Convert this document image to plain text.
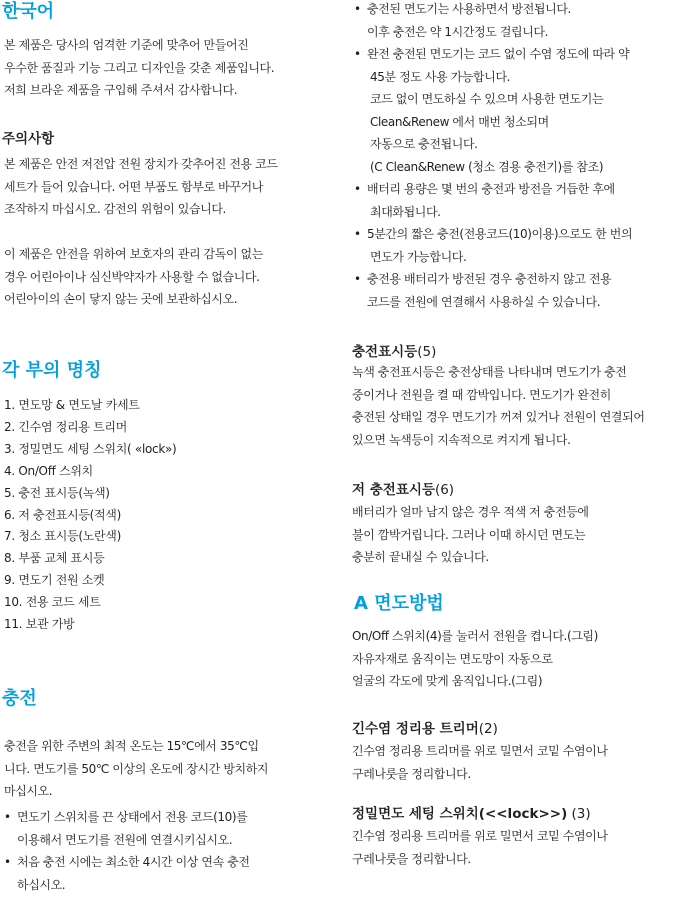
한국어
본 제품은 당사의 엄격한 기준에 맞추어 만들어진
우수한 품질과 기능 그리고 디자인을 갖춘 제품입니다.
저희 브라운 제품을 구입해 주셔서 감사합니다.
주의사항
본 제품은 안전 저전압 전원 장치가 갖추어진 전용 코드
세트가 들어 있습니다. 어떤 부품도 함부로 바꾸거나
조작하지 마십시오. 감전의 위험이 있습니다.
이 제품은 안전을 위하여 보호자의 관리 감독이 없는
경우 어린아이나 심신박약자가 사용할 수 없습니다.
어린아이의 손이 닿지 않는 곳에 보관하십시오.
각 부의 명칭
1. 면도망 & 면도날 카세트
2. 긴수염 정리용 트리머
3. 정밀면도 세팅 스위치( «lock»)
4. On/Off 스위치
5. 충전 표시등(녹색)
6. 저 충전표시등(적색)
7. 청소 표시등(노란색)
8. 부품 교체 표시등
9. 면도기 전원 소켓
10. 전용 코드 세트
11. 보관 가방
충전
충전을 위한 주변의 최적 온도는 15℃에서 35℃입
니다. 면도기를 50℃ 이상의 온도에 장시간 방치하지
마십시오.
• 면도기 스위치를 끈 상태에서 전용 코드(10)를
이용해서 면도기를 전원에 연결시키십시오.
• 처음 충전 시에는 최소한 4시간 이상 연속 충전
하십시오.
• 충전된 면도기는 사용하면서 방전됩니다.
이후 충전은 약 1시간정도 걸립니다.
• 완전 충전된 면도기는 코드 없이 수염 정도에 따라 약
45분 정도 사용 가능합니다.
코드 없이 면도하실 수 있으며 사용한 면도기는
Clean&Renew 에서 매번 청소되며
자동으로 충전됩니다.
(C Clean&Renew (청소 겸용 충전기)를 참조)
• 배터리 용량은 몇 번의 충전과 방전을 거듭한 후에
최대화됩니다.
• 5분간의 짧은 충전(전용코드(10)이용)으로도 한 번의
면도가 가능합니다.
• 충전용 배터리가 방전된 경우 충전하지 않고 전용
코드를 전원에 연결해서 사용하실 수 있습니다.
충전표시등(5)
녹색 충전표시등은 충전상태를 나타내며 면도기가 충전
중이거나 전원을 켤 때 깜박입니다. 면도기가 완전히
충전된 상태일 경우 면도기가 꺼져 있거나 전원이 연결되어
있으면 녹색등이 지속적으로 켜지게 됩니다.
저 충전표시등(6)
배터리가 얼마 남지 않은 경우 적색 저 충전등에
불이 깜박거립니다. 그러나 이때 하시던 면도는
충분히 끝내실 수 있습니다.
A 면도방법
On/Off 스위치(4)를 눌러서 전원을 켭니다.(그림)
자유자재로 움직이는 면도망이 자동으로
얼굴의 각도에 맞게 움직입니다.(그림)
긴수염 정리용 트리머(2)
긴수염 정리용 트리머를 위로 밀면서 코밑 수염이나
구레나룻을 정리합니다.
정밀면도 세팅 스위치(<<lock>>) (3)
긴수염 정리용 트리머를 위로 밀면서 코밑 수염이나
구레나룻을 정리합니다.
